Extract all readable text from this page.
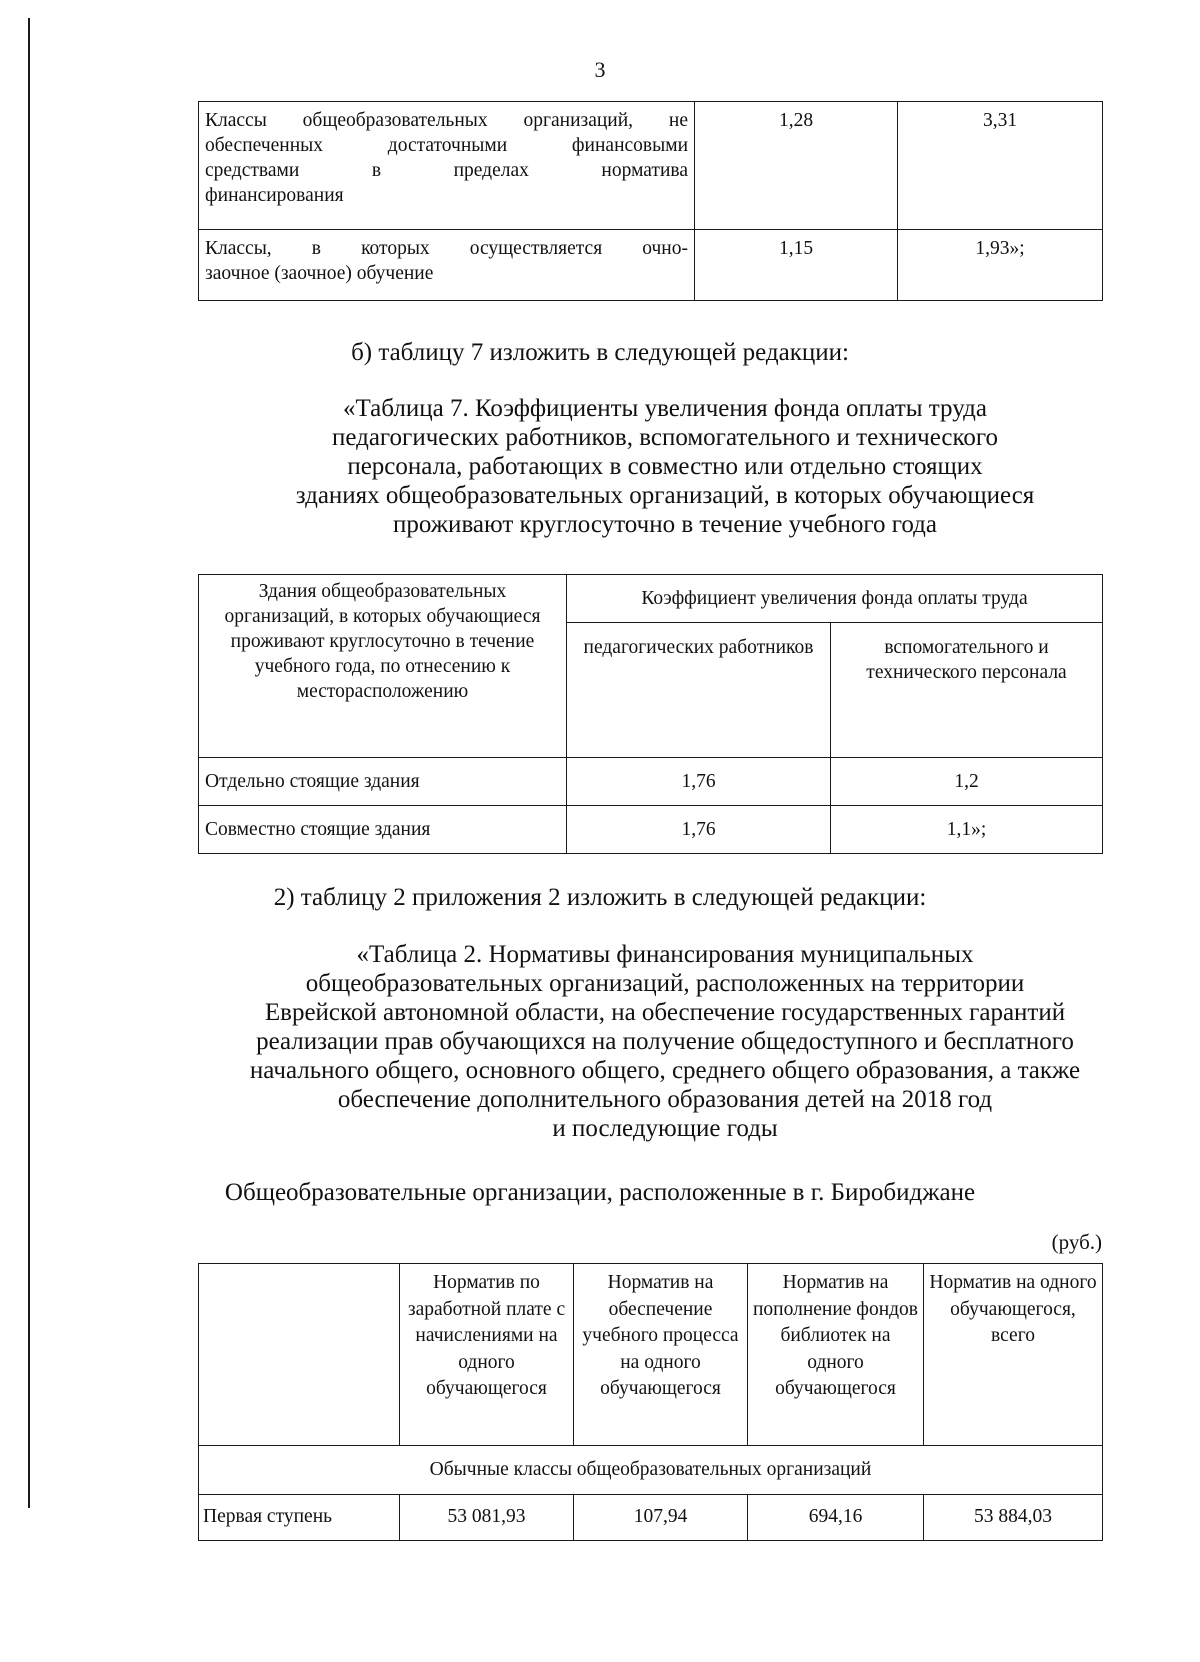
3
Классы общеобразовательных организаций, не
обеспеченных достаточными финансовыми
средствами в пределах норматива
финансирования	1,28	3,31

Классы, в которых осуществляется очно-
заочное (заочное) обучение	1,15	1,93»;
б) таблицу 7 изложить в следующей редакции:
«Таблица 7. Коэффициенты увеличения фонда оплаты труда
педагогических работников, вспомогательного и технического
персонала, работающих в совместно или отдельно стоящих
зданиях общеобразовательных организаций, в которых обучающиеся
проживают круглосуточно в течение учебного года
Здания общеобразовательных организаций, в которых обучающиеся проживают круглосуточно в течение учебного года, по отнесению к месторасположению	Коэффициент увеличения фонда оплаты труда	
	педагогических работников	вспомогательного и технического персонала
Отдельно стоящие здания	1,76	1,2
Совместно стоящие здания	1,76	1,1»;
2) таблицу 2 приложения 2 изложить в следующей редакции:
«Таблица 2. Нормативы финансирования муниципальных
общеобразовательных организаций, расположенных на территории
Еврейской автономной области, на обеспечение государственных гарантий
реализации прав обучающихся на получение общедоступного и бесплатного
начального общего, основного общего, среднего общего образования, а также
обеспечение дополнительного образования детей на 2018 год
и последующие годы
Общеобразовательные организации, расположенные в г. Биробиджане
(руб.)
	Норматив по заработной плате с начислениями на одного обучающегося	Норматив на обеспечение учебного процесса на одного обучающегося	Норматив на пополнение фондов библиотек на одного обучающегося	Норматив на одного обучающегося, всего
Обычные классы общеобразовательных организаций				
Первая ступень	53 081,93	107,94	694,16	53 884,03
